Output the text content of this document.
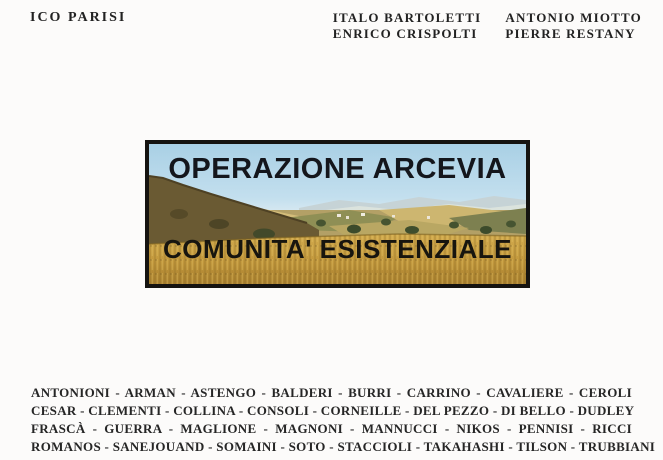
ICO PARISI	ITALO BARTOLETTI ANTONIO MIOTTO
ENRICO CRISPOLTI PIERRE RESTANY
OPERAZIONE ARCEVIA
COMUNITA' ESISTENZIALE
ANTONIONI - ARMAN - ASTENGO - BALDERI - BURRI - CARRINO - CAVALIERE - CEROLI
CESAR - CLEMENTI - COLLINA - CONSOLI - CORNEILLE - DEL PEZZO - DI BELLO - DUDLEY
FRASCÀ - GUERRA - MAGLIONE - MAGNONI - MANNUCCI - NIKOS - PENNISI - RICCI
ROMANOS - SANEJOUAND - SOMAINI - SOTO - STACCIOLI - TAKAHASHI - TILSON - TRUBBIANI
